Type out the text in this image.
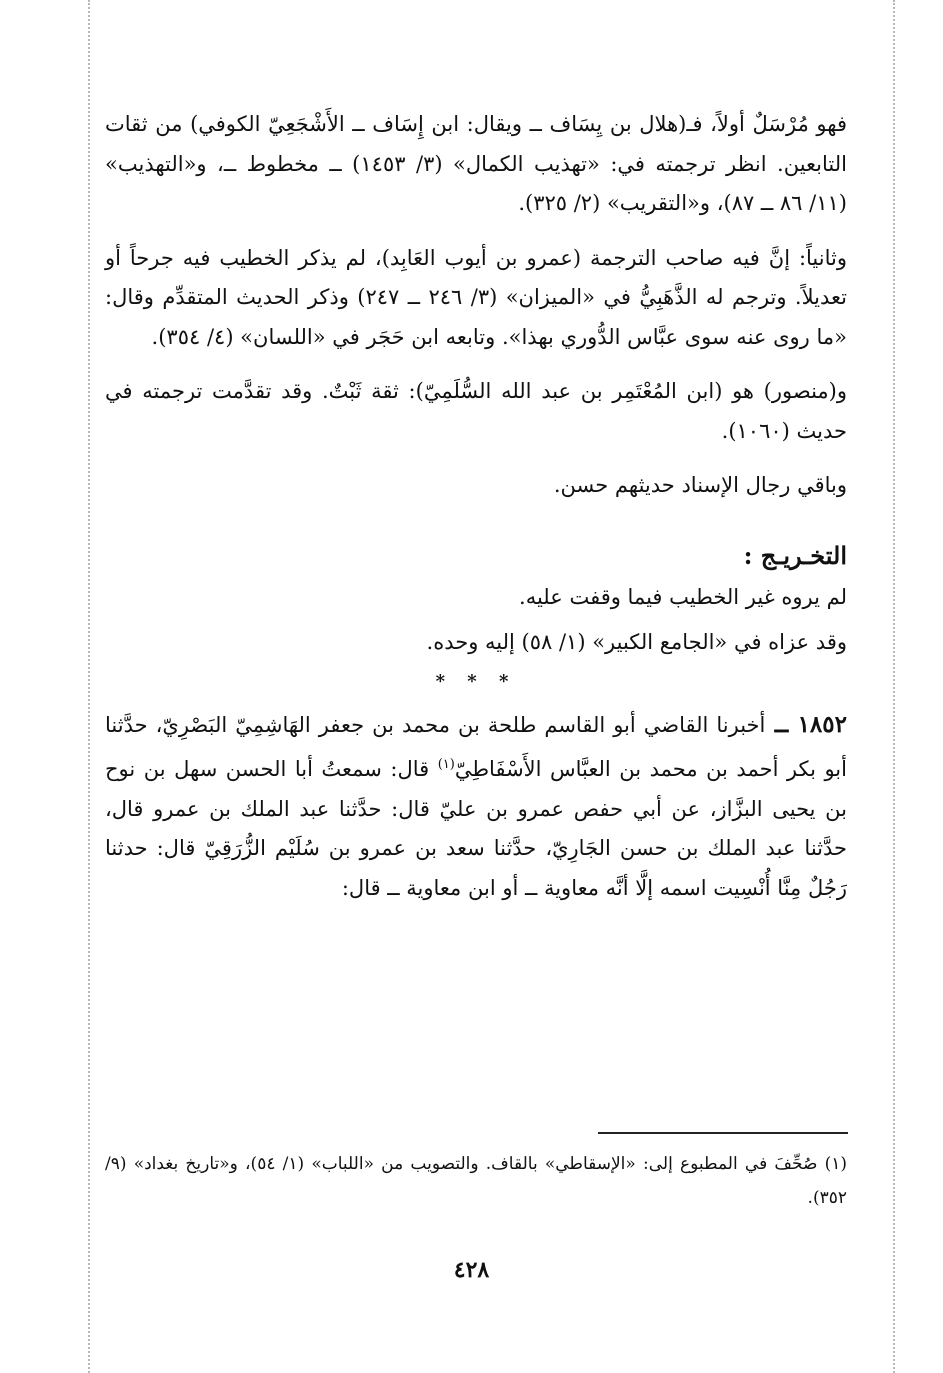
فهو مُرْسَلٌ أولاً، فـ(هلال بن يِسَاف ــ ويقال: ابن إِسَاف ــ الأَشْجَعِيّ الكوفي) من ثقات التابعين. انظر ترجمته في: «تهذيب الكمال» (٣/ ١٤٥٣) ــ مخطوط ــ، و«التهذيب» (١١/ ٨٦ ــ ٨٧)، و«التقريب» (٢/ ٣٢٥).

وثانياً: إنَّ فيه صاحب الترجمة (عمرو بن أيوب العَابِد)، لم يذكر الخطيب فيه جرحاً أو تعديلاً. وترجم له الذَّهَبِيُّ في «الميزان» (٣/ ٢٤٦ ــ ٢٤٧) وذكر الحديث المتقدِّم وقال: «ما روى عنه سوى عبَّاس الدُّوري بهذا». وتابعه ابن حَجَر في «اللسان» (٤/ ٣٥٤).

و(منصور) هو (ابن المُعْتَمِر بن عبد الله السُّلَمِيّ): ثقة ثَبْتٌ. وقد تقدَّمت ترجمته في حديث (١٠٦٠).

وباقي رجال الإسناد حديثهم حسن.

التخـريـج :

لم يروه غير الخطيب فيما وقفت عليه.

وقد عزاه في «الجامع الكبير» (١/ ٥٨) إليه وحده.

* * *

١٨٥٢ ــ أخبرنا القاضي أبو القاسم طلحة بن محمد بن جعفر الهَاشِمِيّ البَصْرِيّ، حدَّثنا أبو بكر أحمد بن محمد بن العبَّاس الأَسْفَاطِيّ$^{(١)}$ قال: سمعتُ أبا الحسن سهل بن نوح بن يحيى البزَّاز، عن أبي حفص عمرو بن عليّ قال: حدَّثنا عبد الملك بن عمرو قال، حدَّثنا عبد الملك بن حسن الجَارِيّ، حدَّثنا سعد بن عمرو بن سُلَيْم الزُّرَقِيّ قال: حدثنا رَجُلٌ مِنَّا أُنْسِيت اسمه إلَّا أنَّه معاوية ــ أو ابن معاوية ــ قال:

(١) صُحِّفَ في المطبوع إلى: «الإسقاطي» بالقاف. والتصويب من «اللباب» (١/ ٥٤)، و«تاريخ بغداد» (٩/ ٣٥٢).

٤٢٨
